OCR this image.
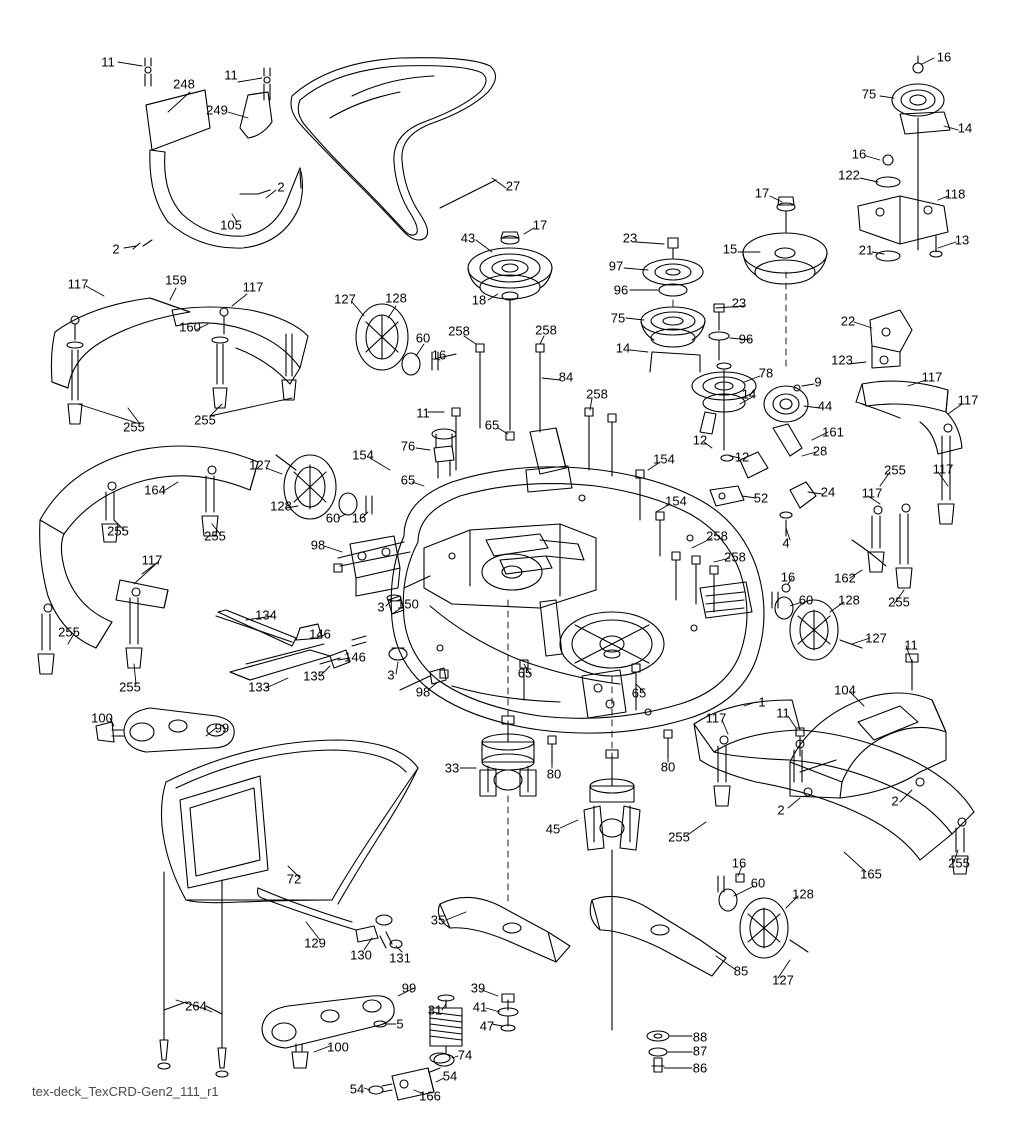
11
248
11
249
16
75
14
16
122
118
27	17
2
105
2
17
43	23
15	21
13
97
96
18
117	159	117
23
75	22
127 128
96
160
60 258	258
16	14
123
117
78
9
84
255	255	11
258
44	117
161
14
12
28
65
76
154	12
154
255
127
65
52	24 117
154
128
60 16
164
255	255
117
258
258
98	4
162
117
16
60 128 255
134
3 150
146	127 11
255
146
3
133
135	65
65
255	98
1
104
100
99
117	11
33	80	80
2
2
255
45
255
165
72
16
60
128
35
129
130 131
127
85
99	39
31 41
47
5
264
88
87
86
100
74
54
54	166
tex-deck_TexCRD-Gen2_111_r1
